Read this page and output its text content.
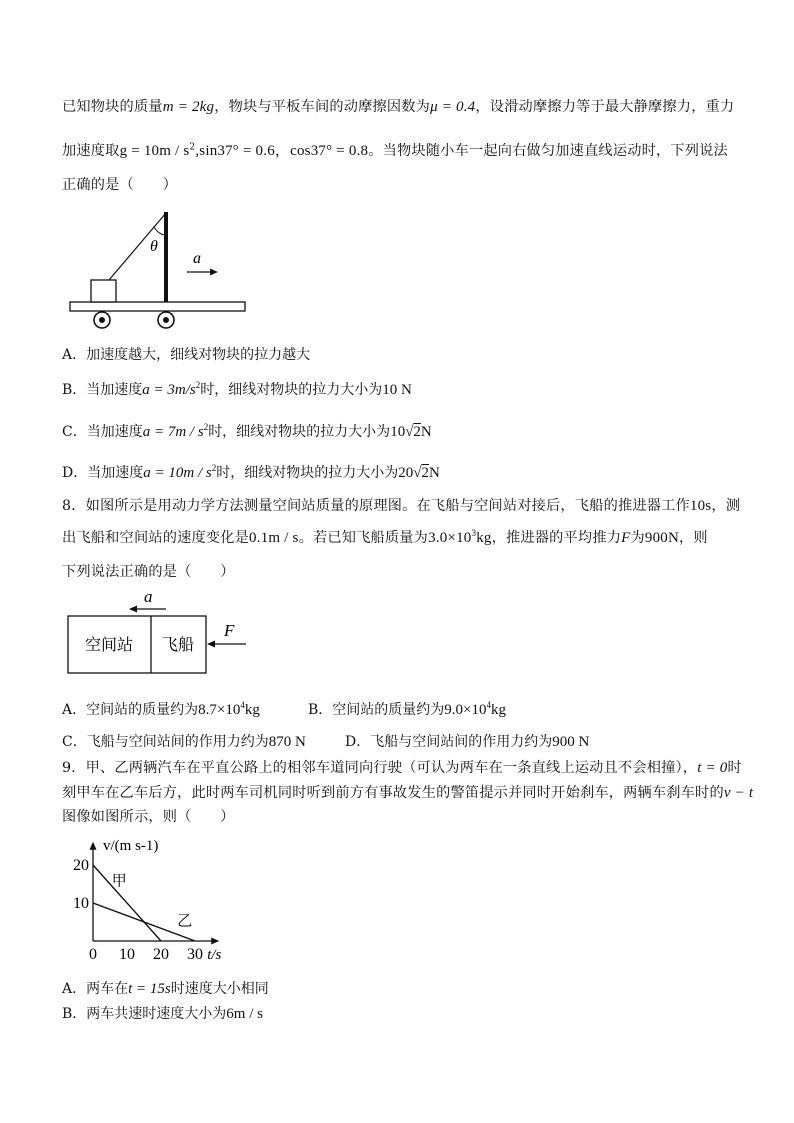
已知物块的质量m = 2kg，物块与平板车间的动摩擦因数为μ = 0.4，设滑动摩擦力等于最大静摩擦力，重力
加速度取$g = 10m / s^2,\sin 37^\circ = 0.6$，cos37° = 0.8。当物块随小车一起向右做匀加速直线运动时，下列说法
正确的是（　　）
θ
a
A．加速度越大，细线对物块的拉力越大
B．当加速度$a = 3m/s^2$时，细线对物块的拉力大小为10 N
C．当加速度$a = 7m / s^2$时，细线对物块的拉力大小为10√2N
D．当加速度$a = 10m / s^2$时，细线对物块的拉力大小为20√2N
8．如图所示是用动力学方法测量空间站质量的原理图。在飞船与空间站对接后，飞船的推进器工作10s，测
出飞船和空间站的速度变化是0.1m / s。若已知飞船质量为$3.0\times 10^3kg$，推进器的平均推力F为900N，则
下列说法正确的是（　　）
a
空间站 飞船
F
A．空间站的质量约为$8.7\times 10^4kg$	B．空间站的质量约为$9.0\times 10^4kg$
C．飞船与空间站间的作用力约为870 N	D．飞船与空间站间的作用力约为900 N
9．甲、乙两辆汽车在平直公路上的相邻车道同向行驶（可认为两车在一条直线上运动且不会相撞），t = 0时
刻甲车在乙车后方，此时两车司机同时听到前方有事故发生的警笛提示并同时开始刹车，两辆车刹车时的v − t
图像如图所示，则（　　）
0 10 20 30
10
20
v/(m s-1)
t/s
甲
乙
A．两车在t = 15s时速度大小相同
B．两车共速时速度大小为6m / s
